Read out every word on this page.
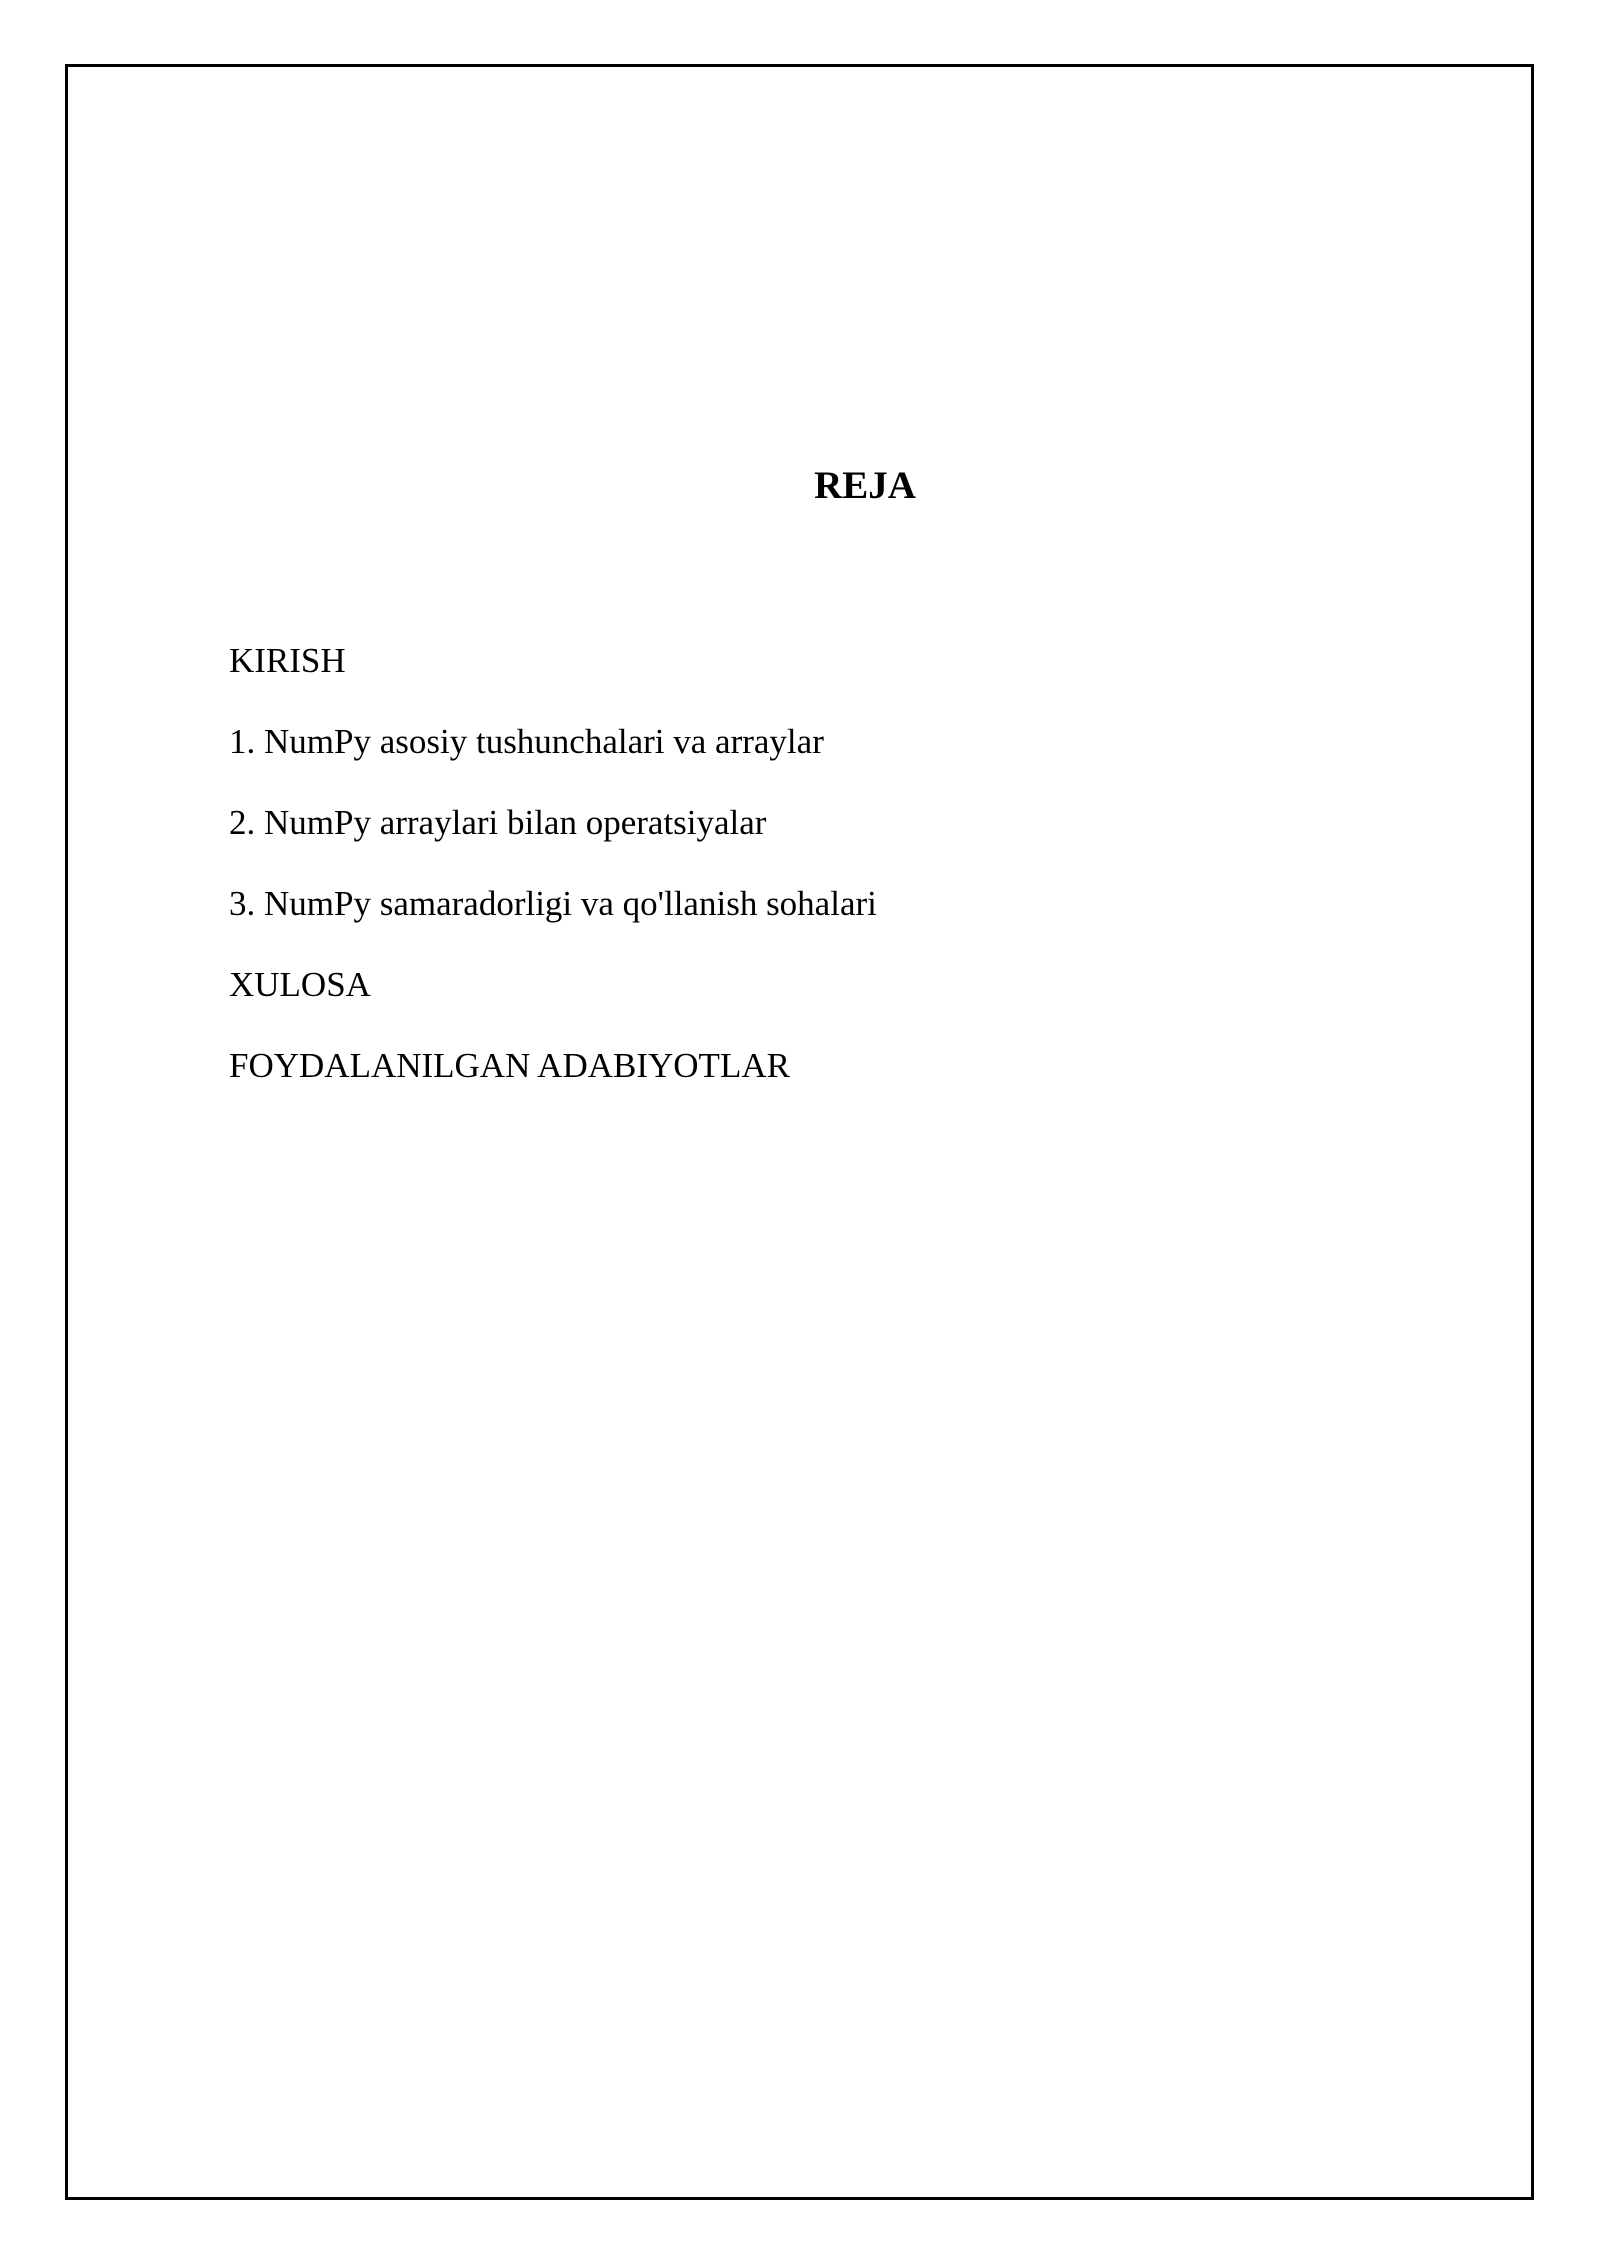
REJA
KIRISH
1. NumPy asosiy tushunchalari va arraylar
2. NumPy arraylari bilan operatsiyalar
3. NumPy samaradorligi va qo'llanish sohalari
XULOSA
FOYDALANILGAN ADABIYOTLAR
